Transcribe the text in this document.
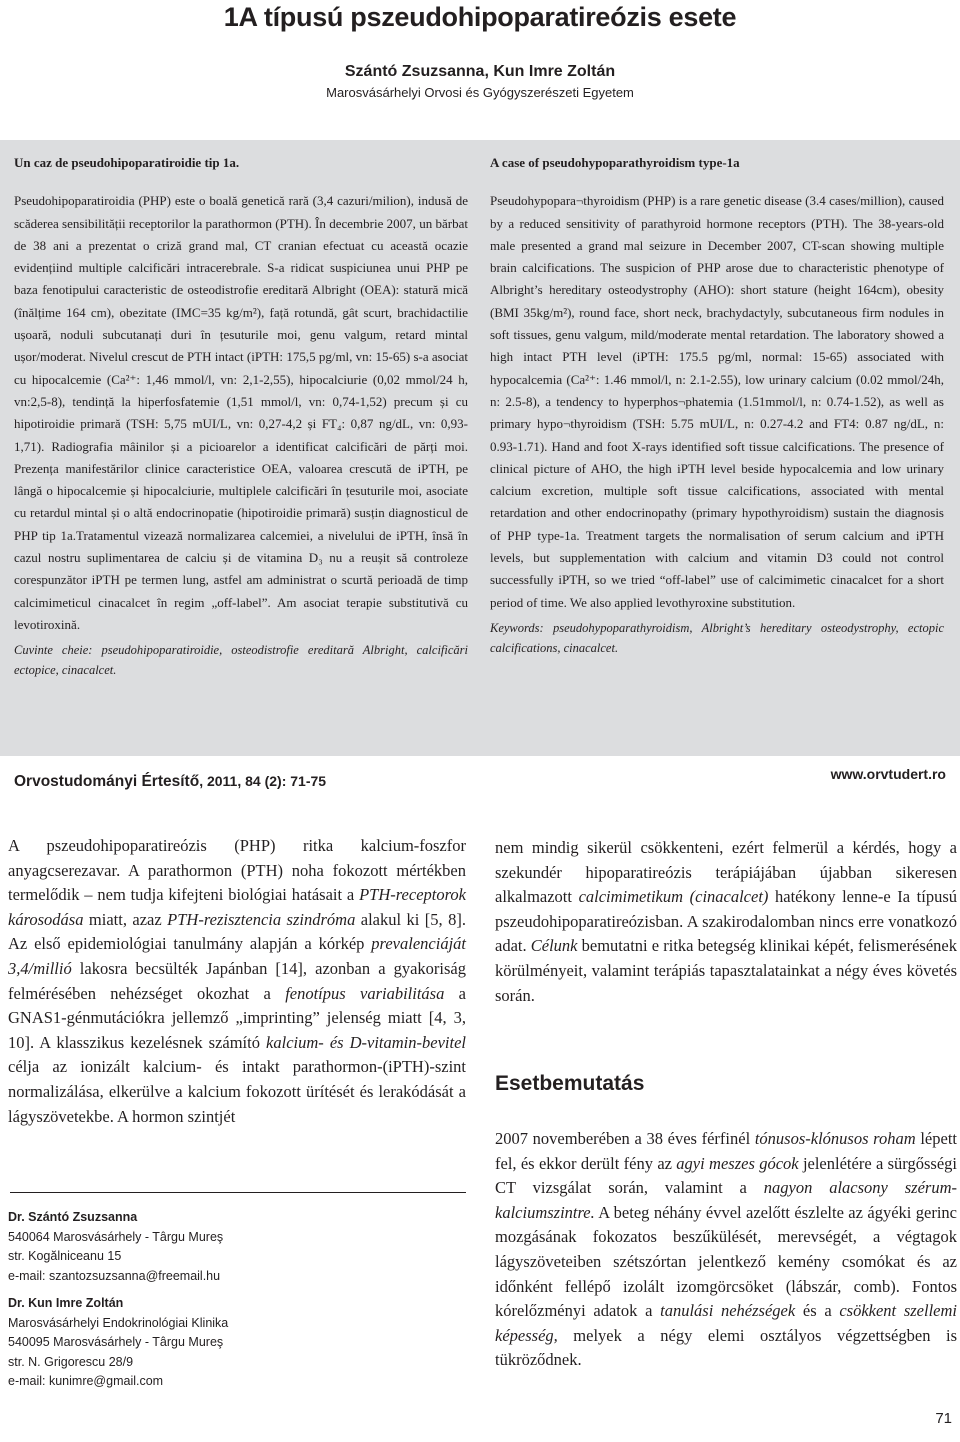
1A típusú pszeudohipoparatireózis esete
Szántó Zsuzsanna, Kun Imre Zoltán
Marosvásárhelyi Orvosi és Gyógyszerészeti Egyetem

Un caz de pseudohipoparatiroidie tip 1a.

Pseudohipoparatiroidia (PHP) este o boală genetică rară (3,4 cazuri/milion), indusă de scăderea sensibilității receptorilor la parathormon (PTH). În decembrie 2007, un bărbat de 38 ani a prezentat o criză grand mal, CT cranian efectuat cu această ocazie evidențiind multiple calcificări intracerebrale. S-a ridicat suspiciunea unui PHP pe baza fenotipului caracteristic de osteodistrofie ereditară Albright (OEA): statură mică (înălțime 164 cm), obezitate (IMC=35 kg/m²), față rotundă, gât scurt, brachidactilie ușoară, noduli subcutanați duri în țesuturile moi, genu valgum, retard mintal ușor/moderat. Nivelul crescut de PTH intact (iPTH: 175,5 pg/ml, vn: 15-65) s-a asociat cu hipocalcemie (Ca²⁺: 1,46 mmol/l, vn: 2,1-2,55), hipocalciurie (0,02 mmol/24 h, vn:2,5-8), tendință la hiperfosfatemie (1,51 mmol/l, vn: 0,74-1,52) precum și cu hipotiroidie primară (TSH: 5,75 mUI/L, vn: 0,27-4,2 și FT₄: 0,87 ng/dL, vn: 0,93-1,71). Radiografia mâinilor și a picioarelor a identificat calcificări de părți moi. Prezența manifestărilor clinice caracteristice OEA, valoarea crescută de iPTH, pe lângă o hipocalcemie și hipocalciurie, multiplele calcificări în țesuturile moi, asociate cu retardul mintal și o altă endocrinopatie (hipotiroidie primară) susțin diagnosticul de PHP tip 1a.Tratamentul vizează normalizarea calcemiei, a nivelului de iPTH, însă în cazul nostru suplimentarea de calciu și de vitamina D₃ nu a reușit să controleze corespunzător iPTH pe termen lung, astfel am administrat o scurtă perioadă de timp calcimimeticul cinacalcet în regim „off-label”. Am asociat terapie substitutivă cu levotiroxină.

Cuvinte cheie: pseudohipoparatiroidie, osteodistrofie ereditară Albright, calcificări ectopice, cinacalcet.

A case of pseudohypoparathyroidism type-1a

Pseudohypopara¬thyroidism (PHP) is a rare genetic disease (3.4 cases/million), caused by a reduced sensitivity of parathyroid hormone receptors (PTH). The 38-years-old male presented a grand mal seizure in December 2007, CT-scan showing multiple brain calcifications. The suspicion of PHP arose due to characteristic phenotype of Albright’s hereditary osteodystrophy (AHO): short stature (height 164cm), obesity (BMI 35kg/m²), round face, short neck, brachydactyly, subcutaneous firm nodules in soft tissues, genu valgum, mild/moderate mental retardation. The laboratory showed a high intact PTH level (iPTH: 175.5 pg/ml, normal: 15-65) associated with hypocalcemia (Ca²⁺: 1.46 mmol/l, n: 2.1-2.55), low urinary calcium (0.02 mmol/24h, n: 2.5-8), a tendency to hyperphos¬phatemia (1.51mmol/l, n: 0.74-1.52), as well as primary hypo¬thyroidism (TSH: 5.75 mUI/L, n: 0.27-4.2 and FT4: 0.87 ng/dL, n: 0.93-1.71). Hand and foot X-rays identified soft tissue calcifications. The presence of clinical picture of AHO, the high iPTH level beside hypocalcemia and low urinary calcium excretion, multiple soft tissue calcifications, associated with mental retardation and other endocrinopathy (primary hypothyroidism) sustain the diagnosis of PHP type-1a. Treatment targets the normalisation of serum calcium and iPTH levels, but supplementation with calcium and vitamin D3 could not control successfully iPTH, so we tried “off-label” use of calcimimetic cinacalcet for a short period of time. We also applied levothyroxine substitution.

Keywords: pseudohypoparathyroidism, Albright’s hereditary osteodystrophy, ectopic calcifications, cinacalcet.

Orvostudományi Értesítő, 2011, 84 (2): 71-75	www.orvtudert.ro

A pszeudohipoparatireózis (PHP) ritka kalcium-foszfor anyagcserezavar. A parathormon (PTH) noha fokozott mértékben termelődik – nem tudja kifejteni biológiai hatásait a PTH-receptorok károsodása miatt, azaz PTH-rezisztencia szindróma alakul ki [5, 8]. Az első epidemiológiai tanulmány alapján a kórkép prevalenciáját 3,4/millió lakosra becsülték Japánban [14], azonban a gyakoriság felmérésében nehézséget okozhat a fenotípus variabilitása a GNAS1-génmutációkra jellemző „imprinting” jelenség miatt [4, 3, 10]. A klasszikus kezelésnek számító kalcium- és D-vitamin-bevitel célja az ionizált kalcium- és intakt parathormon-(iPTH)-szint normalizálása, elkerülve a kalcium fokozott ürítését és lerakódását a lágyszövetekbe. A hormon szintjét

Dr. Szántó Zsuzsanna
540064 Marosvásárhely - Târgu Mureş
str. Kogălniceanu 15
e-mail: szantozsuzsanna@freemail.hu
Dr. Kun Imre Zoltán
Marosvásárhelyi Endokrinológiai Klinika
540095 Marosvásárhely - Târgu Mureş
str. N. Grigorescu 28/9
e-mail: kunimre@gmail.com

nem mindig sikerül csökkenteni, ezért felmerül a kérdés, hogy a szekundér hipoparatireózis terápiájában újabban sikeresen alkalmazott calcimimetikum (cinacalcet) hatékony lenne-e Ia típusú pszeudohipoparatireózisban. A szakirodalomban nincs erre vonatkozó adat. Célunk bemutatni e ritka betegség klinikai képét, felismerésének körülményeit, valamint terápiás tapasztalatainkat a négy éves követés során.

Esetbemutatás

2007 novemberében a 38 éves férfinél tónusos-klónusos roham lépett fel, és ekkor derült fény az agyi meszes gócok jelenlétére a sürgősségi CT vizsgálat során, valamint a nagyon alacsony szérum-kalciumszintre. A beteg néhány évvel azelőtt észlelte az ágyéki gerinc mozgásának fokozatos beszűkülését, merevségét, a végtagok lágyszöveteiben szétszórtan jelentkező kemény csomókat és az időnként fellépő izolált izomgörcsöket (lábszár, comb). Fontos kórelőzményi adatok a tanulási nehézségek és a csökkent szellemi képesség, melyek a négy elemi osztályos végzettségben is tükröződnek.

71
